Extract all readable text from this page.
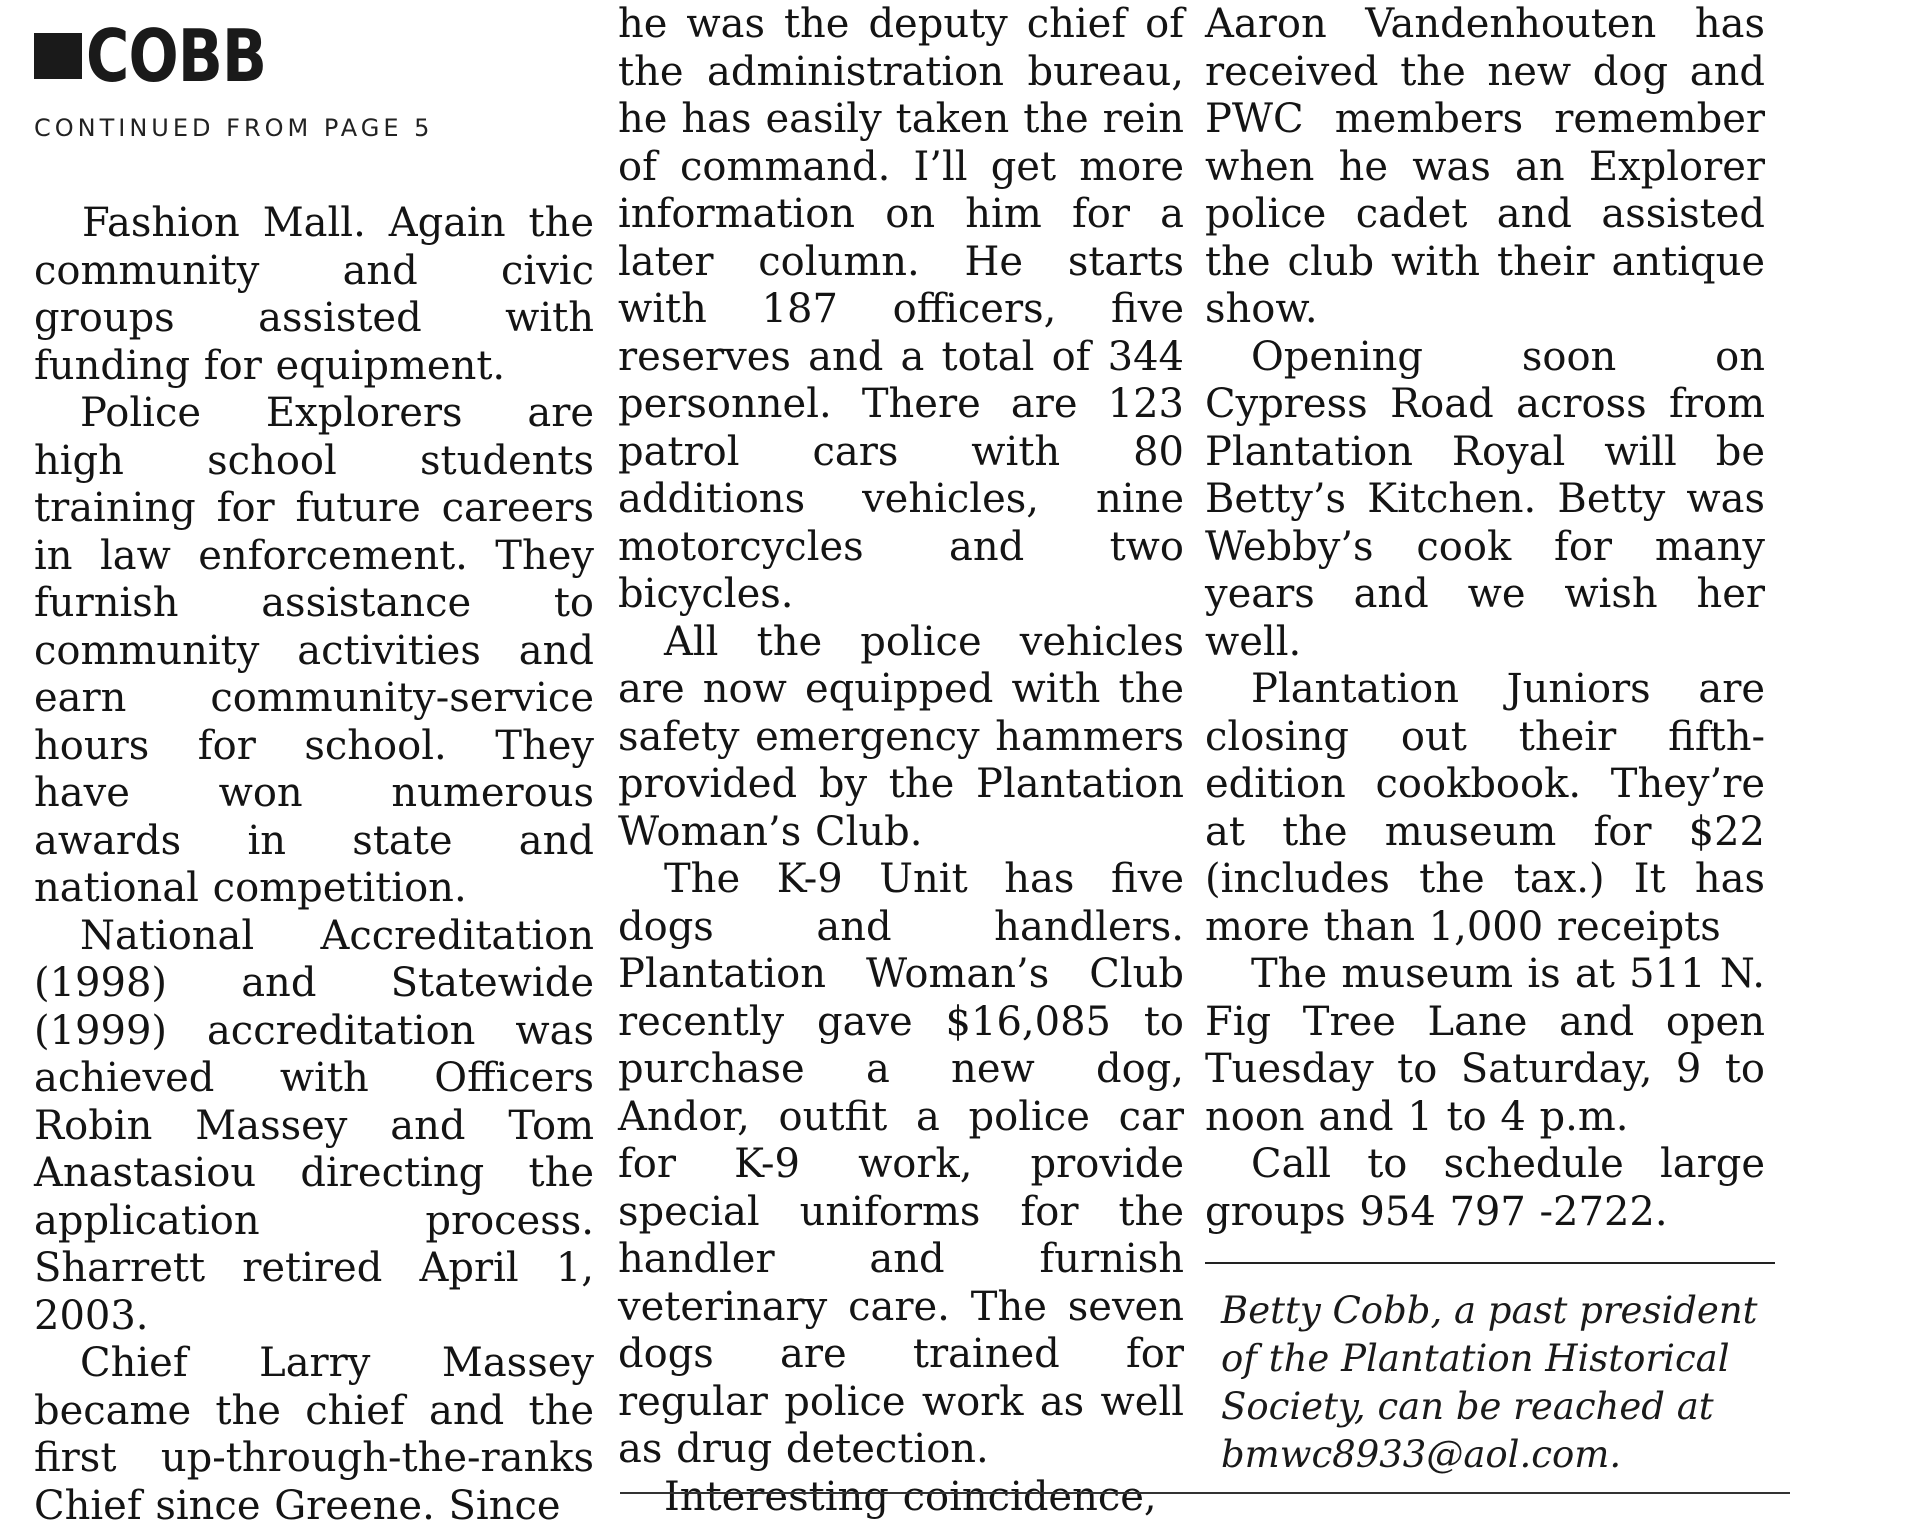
COBB
CONTINUED FROM PAGE 5

Fashion Mall. Again the community and civic groups assisted with funding for equipment.

Police Explorers are high school students training for future careers in law enforcement. They furnish assistance to community activities and earn community-service hours for school. They have won numerous awards in state and national competition.

National Accreditation (1998) and Statewide (1999) accreditation was achieved with Officers Robin Massey and Tom Anastasiou directing the application process. Sharrett retired April 1, 2003.

Chief Larry Massey became the chief and the first up-through-the-ranks Chief since Greene. Since

he was the deputy chief of the administration bureau, he has easily taken the rein of command. I’ll get more information on him for a later column. He starts with 187 officers, five reserves and a total of 344 personnel. There are 123 patrol cars with 80 additions vehicles, nine motorcycles and two bicycles.

All the police vehicles are now equipped with the safety emergency hammers provided by the Plantation Woman’s Club.

The K-9 Unit has five dogs and handlers. Plantation Woman’s Club recently gave $16,085 to purchase a new dog, Andor, outfit a police car for K-9 work, provide special uniforms for the handler and furnish veterinary care. The seven dogs are trained for regular police work as well as drug detection.

Interesting coincidence,

Aaron Vandenhouten has received the new dog and PWC members remember when he was an Explorer police cadet and assisted the club with their antique show.

Opening soon on Cypress Road across from Plantation Royal will be Betty’s Kitchen. Betty was Webby’s cook for many years and we wish her well.

Plantation Juniors are closing out their fifth-edition cookbook. They’re at the museum for $22 (includes the tax.) It has more than 1,000 receipts

The museum is at 511 N. Fig Tree Lane and open Tuesday to Saturday, 9 to noon and 1 to 4 p.m.

Call to schedule large groups 954 797 -2722.

Betty Cobb, a past president of the Plantation Historical Society, can be reached at bmwc8933@aol.com.
